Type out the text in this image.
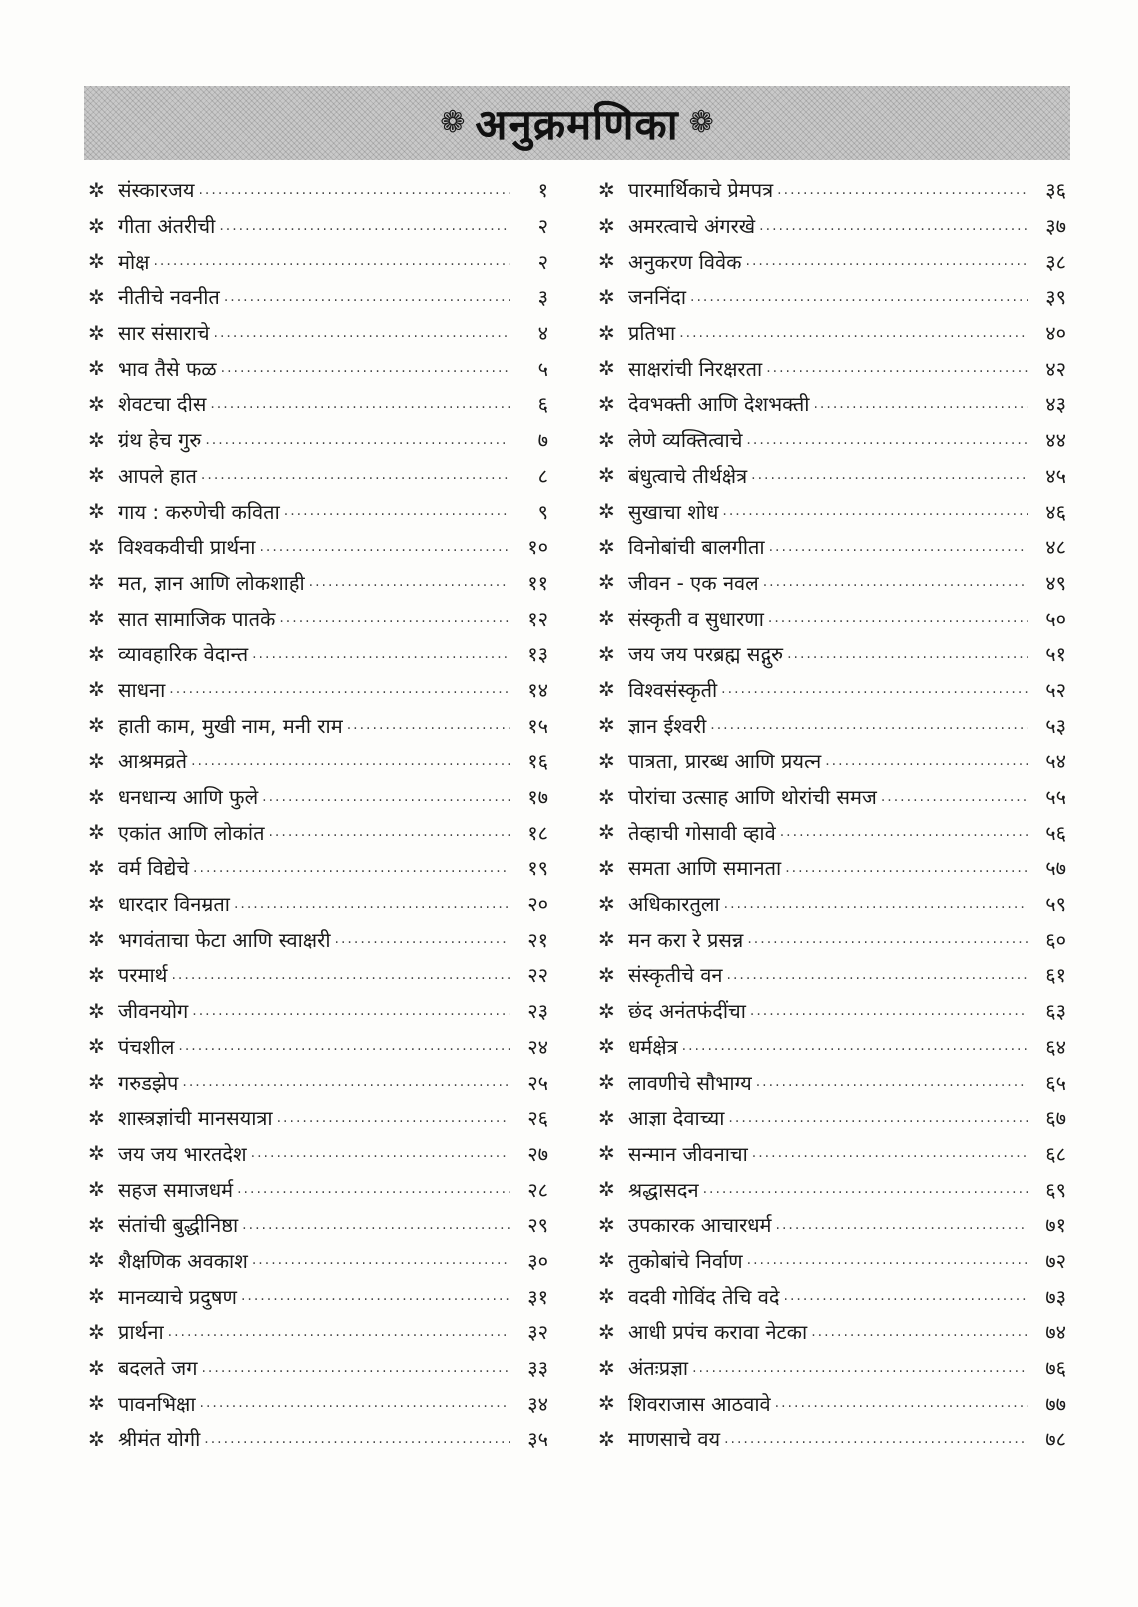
❁ अनुक्रमणिका ❁
✲ संस्कारजय .....	१
✲ गीता अंतरीची .....	२
✲ मोक्ष .....	२
✲ नीतीचे नवनीत .....	३
✲ सार संसाराचे .....	४
✲ भाव तैसे फळ .....	५
✲ शेवटचा दीस .....	६
✲ ग्रंथ हेच गुरु .....	७
✲ आपले हात .....	८
✲ गाय : करुणेची कविता .....	९
✲ विश्वकवीची प्रार्थना .....	१०
✲ मत, ज्ञान आणि लोकशाही .....	११
✲ सात सामाजिक पातके .....	१२
✲ व्यावहारिक वेदान्त .....	१३
✲ साधना .....	१४
✲ हाती काम, मुखी नाम, मनी राम .....	१५
✲ आश्रमव्रते .....	१६
✲ धनधान्य आणि फुले .....	१७
✲ एकांत आणि लोकांत .....	१८
✲ वर्म विद्येचे .....	१९
✲ धारदार विनम्रता .....	२०
✲ भगवंताचा फेटा आणि स्वाक्षरी .....	२१
✲ परमार्थ .....	२२
✲ जीवनयोग .....	२३
✲ पंचशील .....	२४
✲ गरुडझेप .....	२५
✲ शास्त्रज्ञांची मानसयात्रा .....	२६
✲ जय जय भारतदेश .....	२७
✲ सहज समाजधर्म .....	२८
✲ संतांची बुद्धीनिष्ठा .....	२९
✲ शैक्षणिक अवकाश .....	३०
✲ मानव्याचे प्रदुषण .....	३१
✲ प्रार्थना .....	३२
✲ बदलते जग .....	३३
✲ पावनभिक्षा .....	३४
✲ श्रीमंत योगी .....	३५
✲ पारमार्थिकाचे प्रेमपत्र .....	३६
✲ अमरत्वाचे अंगरखे .....	३७
✲ अनुकरण विवेक .....	३८
✲ जननिंदा .....	३९
✲ प्रतिभा .....	४०
✲ साक्षरांची निरक्षरता .....	४२
✲ देवभक्ती आणि देशभक्ती .....	४३
✲ लेणे व्यक्तित्वाचे .....	४४
✲ बंधुत्वाचे तीर्थक्षेत्र .....	४५
✲ सुखाचा शोध .....	४६
✲ विनोबांची बालगीता .....	४८
✲ जीवन - एक नवल .....	४९
✲ संस्कृती व सुधारणा .....	५०
✲ जय जय परब्रह्म सद्गुरु .....	५१
✲ विश्वसंस्कृती .....	५२
✲ ज्ञान ईश्वरी .....	५३
✲ पात्रता, प्रारब्ध आणि प्रयत्न .....	५४
✲ पोरांचा उत्साह आणि थोरांची समज .....	५५
✲ तेव्हाची गोसावी व्हावे .....	५६
✲ समता आणि समानता .....	५७
✲ अधिकारतुला .....	५९
✲ मन करा रे प्रसन्न .....	६०
✲ संस्कृतीचे वन .....	६१
✲ छंद अनंतफंदींचा .....	६३
✲ धर्मक्षेत्र .....	६४
✲ लावणीचे सौभाग्य .....	६५
✲ आज्ञा देवाच्या .....	६७
✲ सन्मान जीवनाचा .....	६८
✲ श्रद्धासदन .....	६९
✲ उपकारक आचारधर्म .....	७१
✲ तुकोबांचे निर्वाण .....	७२
✲ वदवी गोविंद तेचि वदे .....	७३
✲ आधी प्रपंच करावा नेटका .....	७४
✲ अंतःप्रज्ञा .....	७६
✲ शिवराजास आठवावे .....	७७
✲ माणसाचे वय .....	७८
